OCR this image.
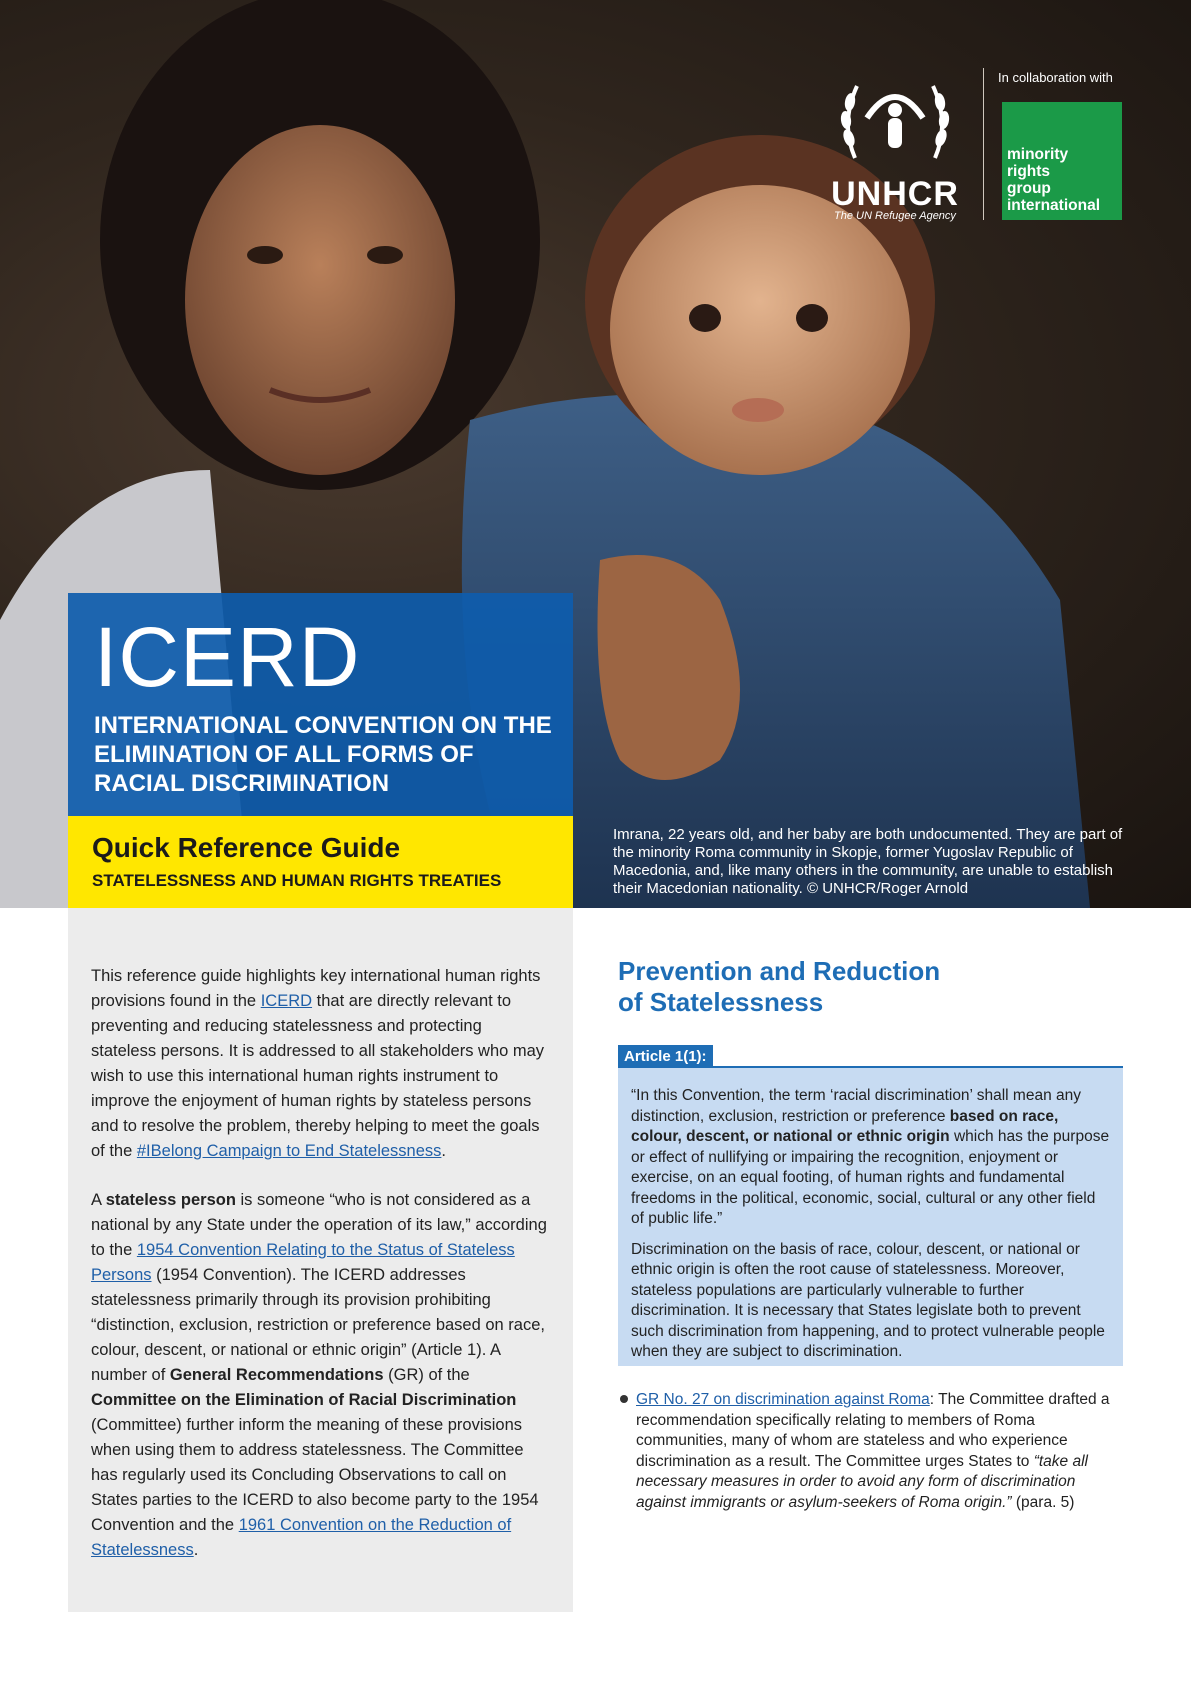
UNHCR
The UN Refugee Agency
In collaboration with
minority
rights
group
international
ICERD
INTERNATIONAL CONVENTION ON THE ELIMINATION OF ALL FORMS OF RACIAL DISCRIMINATION
Quick Reference Guide
STATELESSNESS AND HUMAN RIGHTS TREATIES
Imrana, 22 years old, and her baby are both undocumented. They are part of the minority Roma community in Skopje, former Yugoslav Republic of Macedonia, and, like many others in the community, are unable to establish their Macedonian nationality. © UNHCR/Roger Arnold

This reference guide highlights key international human rights provisions found in the ICERD that are directly relevant to preventing and reducing statelessness and protecting stateless persons. It is addressed to all stakeholders who may wish to use this international human rights instrument to improve the enjoyment of human rights by stateless persons and to resolve the problem, thereby helping to meet the goals of the #IBelong Campaign to End Statelessness.

A stateless person is someone “who is not considered as a national by any State under the operation of its law,” according to the 1954 Convention Relating to the Status of Stateless Persons (1954 Convention). The ICERD addresses statelessness primarily through its provision prohibiting “distinction, exclusion, restriction or preference based on race, colour, descent, or national or ethnic origin” (Article 1). A number of General Recommendations (GR) of the Committee on the Elimination of Racial Discrimination (Committee) further inform the meaning of these provisions when using them to address statelessness. The Committee has regularly used its Concluding Observations to call on States parties to the ICERD to also become party to the 1954 Convention and the 1961 Convention on the Reduction of Statelessness.

Prevention and Reduction
of Statelessness
Article 1(1):

“In this Convention, the term ‘racial discrimination’ shall mean any distinction, exclusion, restriction or preference based on race, colour, descent, or national or ethnic origin which has the purpose or effect of nullifying or impairing the recognition, enjoyment or exercise, on an equal footing, of human rights and fundamental freedoms in the political, economic, social, cultural or any other field of public life.”

Discrimination on the basis of race, colour, descent, or national or ethnic origin is often the root cause of statelessness. Moreover, stateless populations are particularly vulnerable to further discrimination. It is necessary that States legislate both to prevent such discrimination from happening, and to protect vulnerable people when they are subject to discrimination.

GR No. 27 on discrimination against Roma: The Committee drafted a recommendation specifically relating to members of Roma communities, many of whom are stateless and who experience discrimination as a result. The Committee urges States to “take all necessary measures in order to avoid any form of discrimination against immigrants or asylum-seekers of Roma origin.” (para. 5)
